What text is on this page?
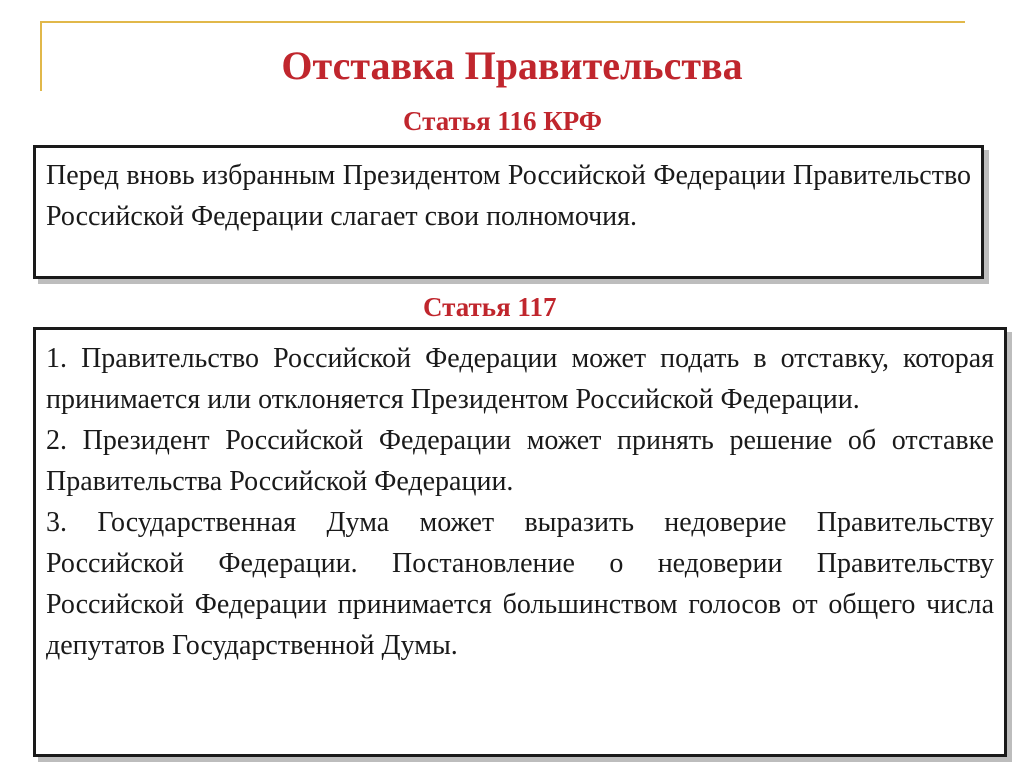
Отставка Правительства
Статья 116 КРФ

Перед вновь избранным Президентом Российской Федерации Правительство Российской Федерации слагает свои полномочия.

Статья 117

1. Правительство Российской Федерации может подать в отставку, которая принимается или отклоняется Президентом Российской Федерации.

2. Президент Российской Федерации может принять решение об отставке Правительства Российской Федерации.

3. Государственная Дума может выразить недоверие Правительству Российской Федерации. Постановление о недоверии Правительству Российской Федерации принимается большинством голосов от общего числа депутатов Государственной Думы.
